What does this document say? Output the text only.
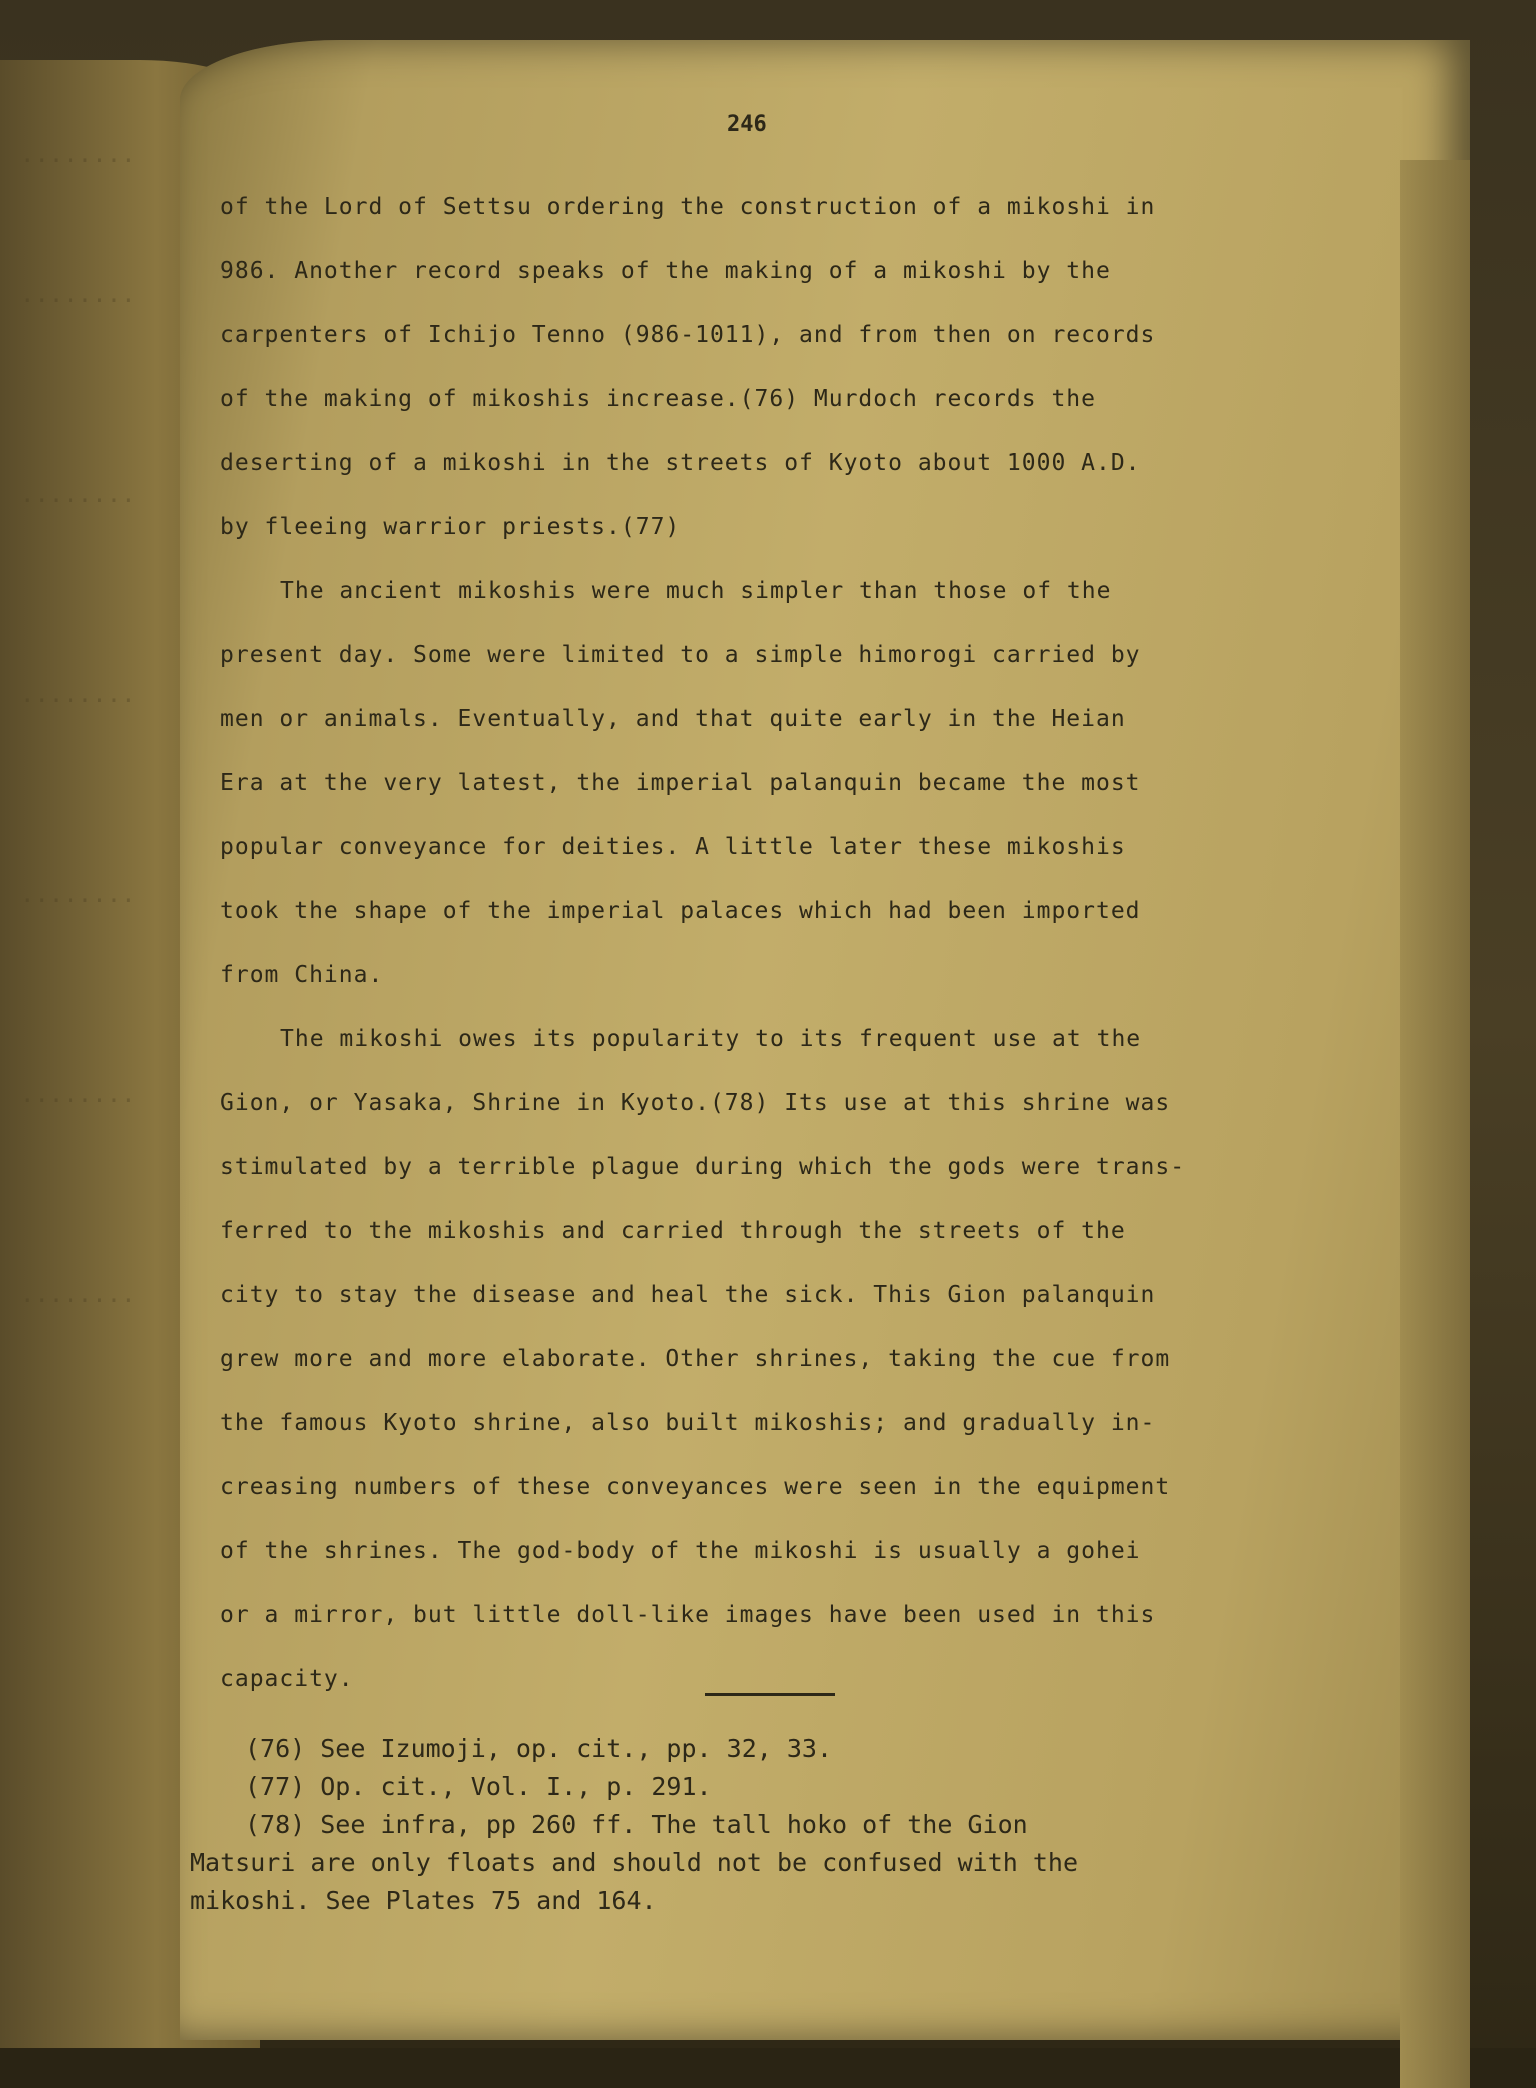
........
........
........
........
........
........
........
246
of the Lord of Settsu ordering the construction of a mikoshi in
986. Another record speaks of the making of a mikoshi by the
carpenters of Ichijo Tenno (986-1011), and from then on records
of the making of mikoshis increase.(76) Murdoch records the
deserting of a mikoshi in the streets of Kyoto about 1000 A.D.
by fleeing warrior priests.(77)
The ancient mikoshis were much simpler than those of the
present day. Some were limited to a simple himorogi carried by
men or animals. Eventually, and that quite early in the Heian
Era at the very latest, the imperial palanquin became the most
popular conveyance for deities. A little later these mikoshis
took the shape of the imperial palaces which had been imported
from China.
The mikoshi owes its popularity to its frequent use at the
Gion, or Yasaka, Shrine in Kyoto.(78) Its use at this shrine was
stimulated by a terrible plague during which the gods were trans-
ferred to the mikoshis and carried through the streets of the
city to stay the disease and heal the sick. This Gion palanquin
grew more and more elaborate. Other shrines, taking the cue from
the famous Kyoto shrine, also built mikoshis; and gradually in-
creasing numbers of these conveyances were seen in the equipment
of the shrines. The god-body of the mikoshi is usually a gohei
or a mirror, but little doll-like images have been used in this
capacity.
(76) See Izumoji, op. cit., pp. 32, 33.
(77) Op. cit., Vol. I., p. 291.
(78) See infra, pp 260 ff. The tall hoko of the Gion
Matsuri are only floats and should not be confused with the
mikoshi. See Plates 75 and 164.
